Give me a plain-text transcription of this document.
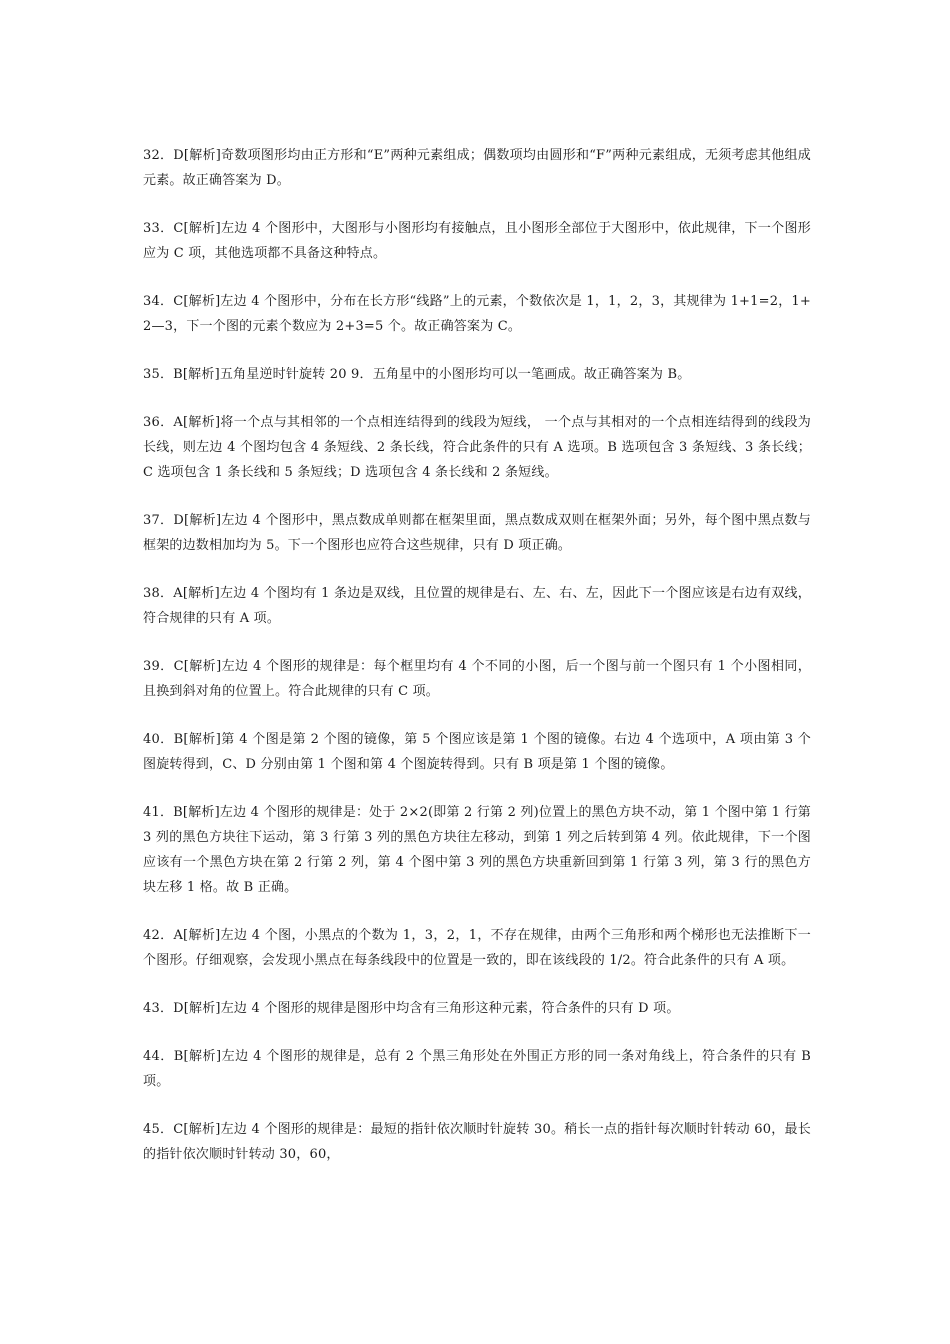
32．D[解析]奇数项图形均由正方形和“E”两种元素组成；偶数项均由圆形和“F”两种元素组成，无须考虑其他组成元素。故正确答案为 D。

33．C[解析]左边 4 个图形中，大图形与小图形均有接触点，且小图形全部位于大图形中，依此规律，下一个图形应为 C 项，其他选项都不具备这种特点。

34．C[解析]左边 4 个图形中，分布在长方形“线路”上的元素，个数依次是 1，1，2，3，其规律为 1+1=2，1+2—3，下一个图的元素个数应为 2+3=5 个。故正确答案为 C。

35．B[解析]五角星逆时针旋转 20 9．五角星中的小图形均可以一笔画成。故正确答案为 B。

36．A[解析]将一个点与其相邻的一个点相连结得到的线段为短线， 一个点与其相对的一个点相连结得到的线段为长线，则左边 4 个图均包含 4 条短线、2 条长线，符合此条件的只有 A 选项。B 选项包含 3 条短线、3 条长线；C 选项包含 1 条长线和 5 条短线；D 选项包含 4 条长线和 2 条短线。

37．D[解析]左边 4 个图形中，黑点数成单则都在框架里面，黑点数成双则在框架外面；另外，每个图中黑点数与框架的边数相加均为 5。下一个图形也应符合这些规律，只有 D 项正确。

38．A[解析]左边 4 个图均有 1 条边是双线，且位置的规律是右、左、右、左，因此下一个图应该是右边有双线，符合规律的只有 A 项。

39．C[解析]左边 4 个图形的规律是：每个框里均有 4 个不同的小图，后一个图与前一个图只有 1 个小图相同，且换到斜对角的位置上。符合此规律的只有 C 项。

40．B[解析]第 4 个图是第 2 个图的镜像，第 5 个图应该是第 1 个图的镜像。右边 4 个选项中，A 项由第 3 个图旋转得到，C、D 分别由第 1 个图和第 4 个图旋转得到。只有 B 项是第 1 个图的镜像。

41．B[解析]左边 4 个图形的规律是：处于 2×2(即第 2 行第 2 列)位置上的黑色方块不动，第 1 个图中第 1 行第 3 列的黑色方块往下运动，第 3 行第 3 列的黑色方块往左移动，到第 1 列之后转到第 4 列。依此规律，下一个图应该有一个黑色方块在第 2 行第 2 列，第 4 个图中第 3 列的黑色方块重新回到第 1 行第 3 列，第 3 行的黑色方块左移 1 格。故 B 正确。

42．A[解析]左边 4 个图，小黑点的个数为 1，3，2，1，不存在规律，由两个三角形和两个梯形也无法推断下一个图形。仔细观察，会发现小黑点在每条线段中的位置是一致的，即在该线段的 1/2。符合此条件的只有 A 项。

43．D[解析]左边 4 个图形的规律是图形中均含有三角形这种元素，符合条件的只有 D 项。

44．B[解析]左边 4 个图形的规律是，总有 2 个黑三角形处在外围正方形的同一条对角线上，符合条件的只有 B 项。

45．C[解析]左边 4 个图形的规律是：最短的指针依次顺时针旋转 30。稍长一点的指针每次顺时针转动 60，最长的指针依次顺时针转动 30，60，
